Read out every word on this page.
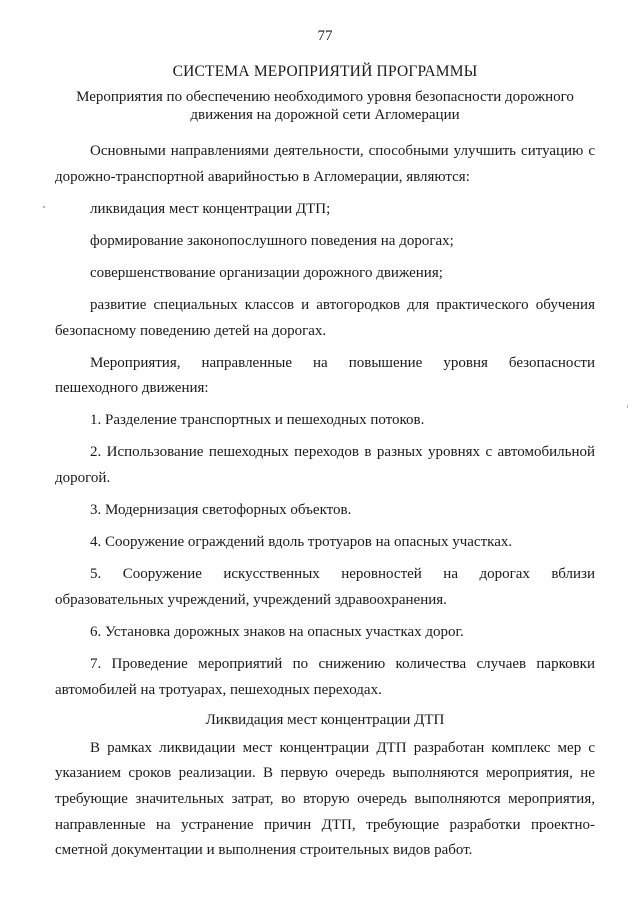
77
СИСТЕМА МЕРОПРИЯТИЙ ПРОГРАММЫ
Мероприятия по обеспечению необходимого уровня безопасности дорожного движения на дорожной сети Агломерации

Основными направлениями деятельности, способными улучшить ситуацию с дорожно-транспортной аварийностью в Агломерации, являются:

ликвидация мест концентрации ДТП;

формирование законопослушного поведения на дорогах;

совершенствование организации дорожного движения;

развитие специальных классов и автогородков для практического обучения безопасному поведению детей на дорогах.

Мероприятия, направленные на повышение уровня безопасности пешеходного движения:

1. Разделение транспортных и пешеходных потоков.

2. Использование пешеходных переходов в разных уровнях с автомобильной дорогой.

3. Модернизация светофорных объектов.

4. Сооружение ограждений вдоль тротуаров на опасных участках.

5. Сооружение искусственных неровностей на дорогах вблизи образовательных учреждений, учреждений здравоохранения.

6. Установка дорожных знаков на опасных участках дорог.

7. Проведение мероприятий по снижению количества случаев парковки автомобилей на тротуарах, пешеходных переходах.

Ликвидация мест концентрации ДТП

В рамках ликвидации мест концентрации ДТП разработан комплекс мер с указанием сроков реализации. В первую очередь выполняются мероприятия, не требующие значительных затрат, во вторую очередь выполняются мероприятия, направленные на устранение причин ДТП, требующие разработки проектно-сметной документации и выполнения строительных видов работ.
